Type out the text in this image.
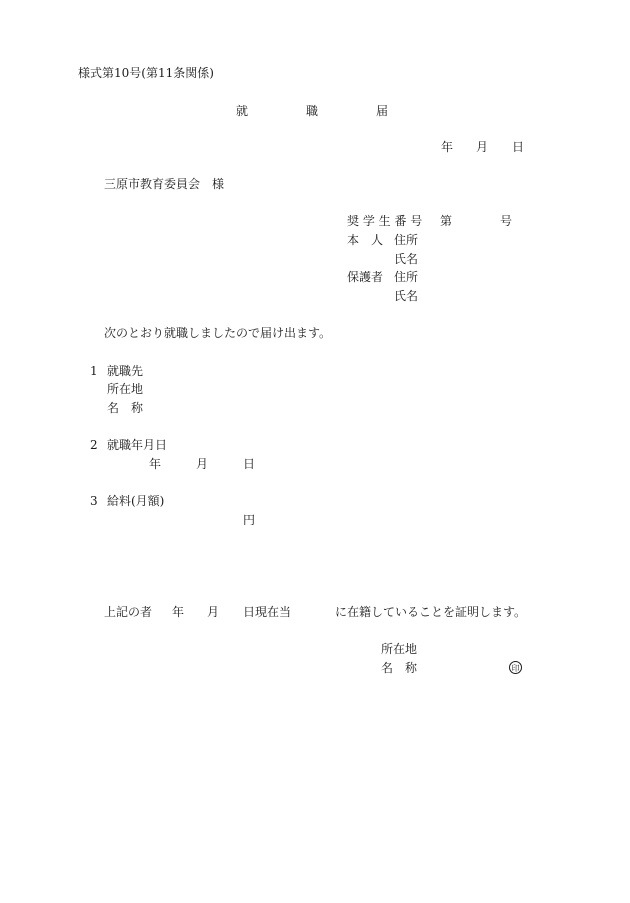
様式第10号(第11条関係)
就	職	届
年 月 日
三原市教育委員会　様
奨 学 生 番 号 第	号
本　人 住所
氏名
保護者 住所
氏名
次のとおり就職しましたので届け出ます。
1 就職先
所在地
名　称
2 就職年月日
年	月	日
3 給料(月額)
円
上記の者 年 月 日現在当	に在籍していることを証明します。
所在地
名　称	印
